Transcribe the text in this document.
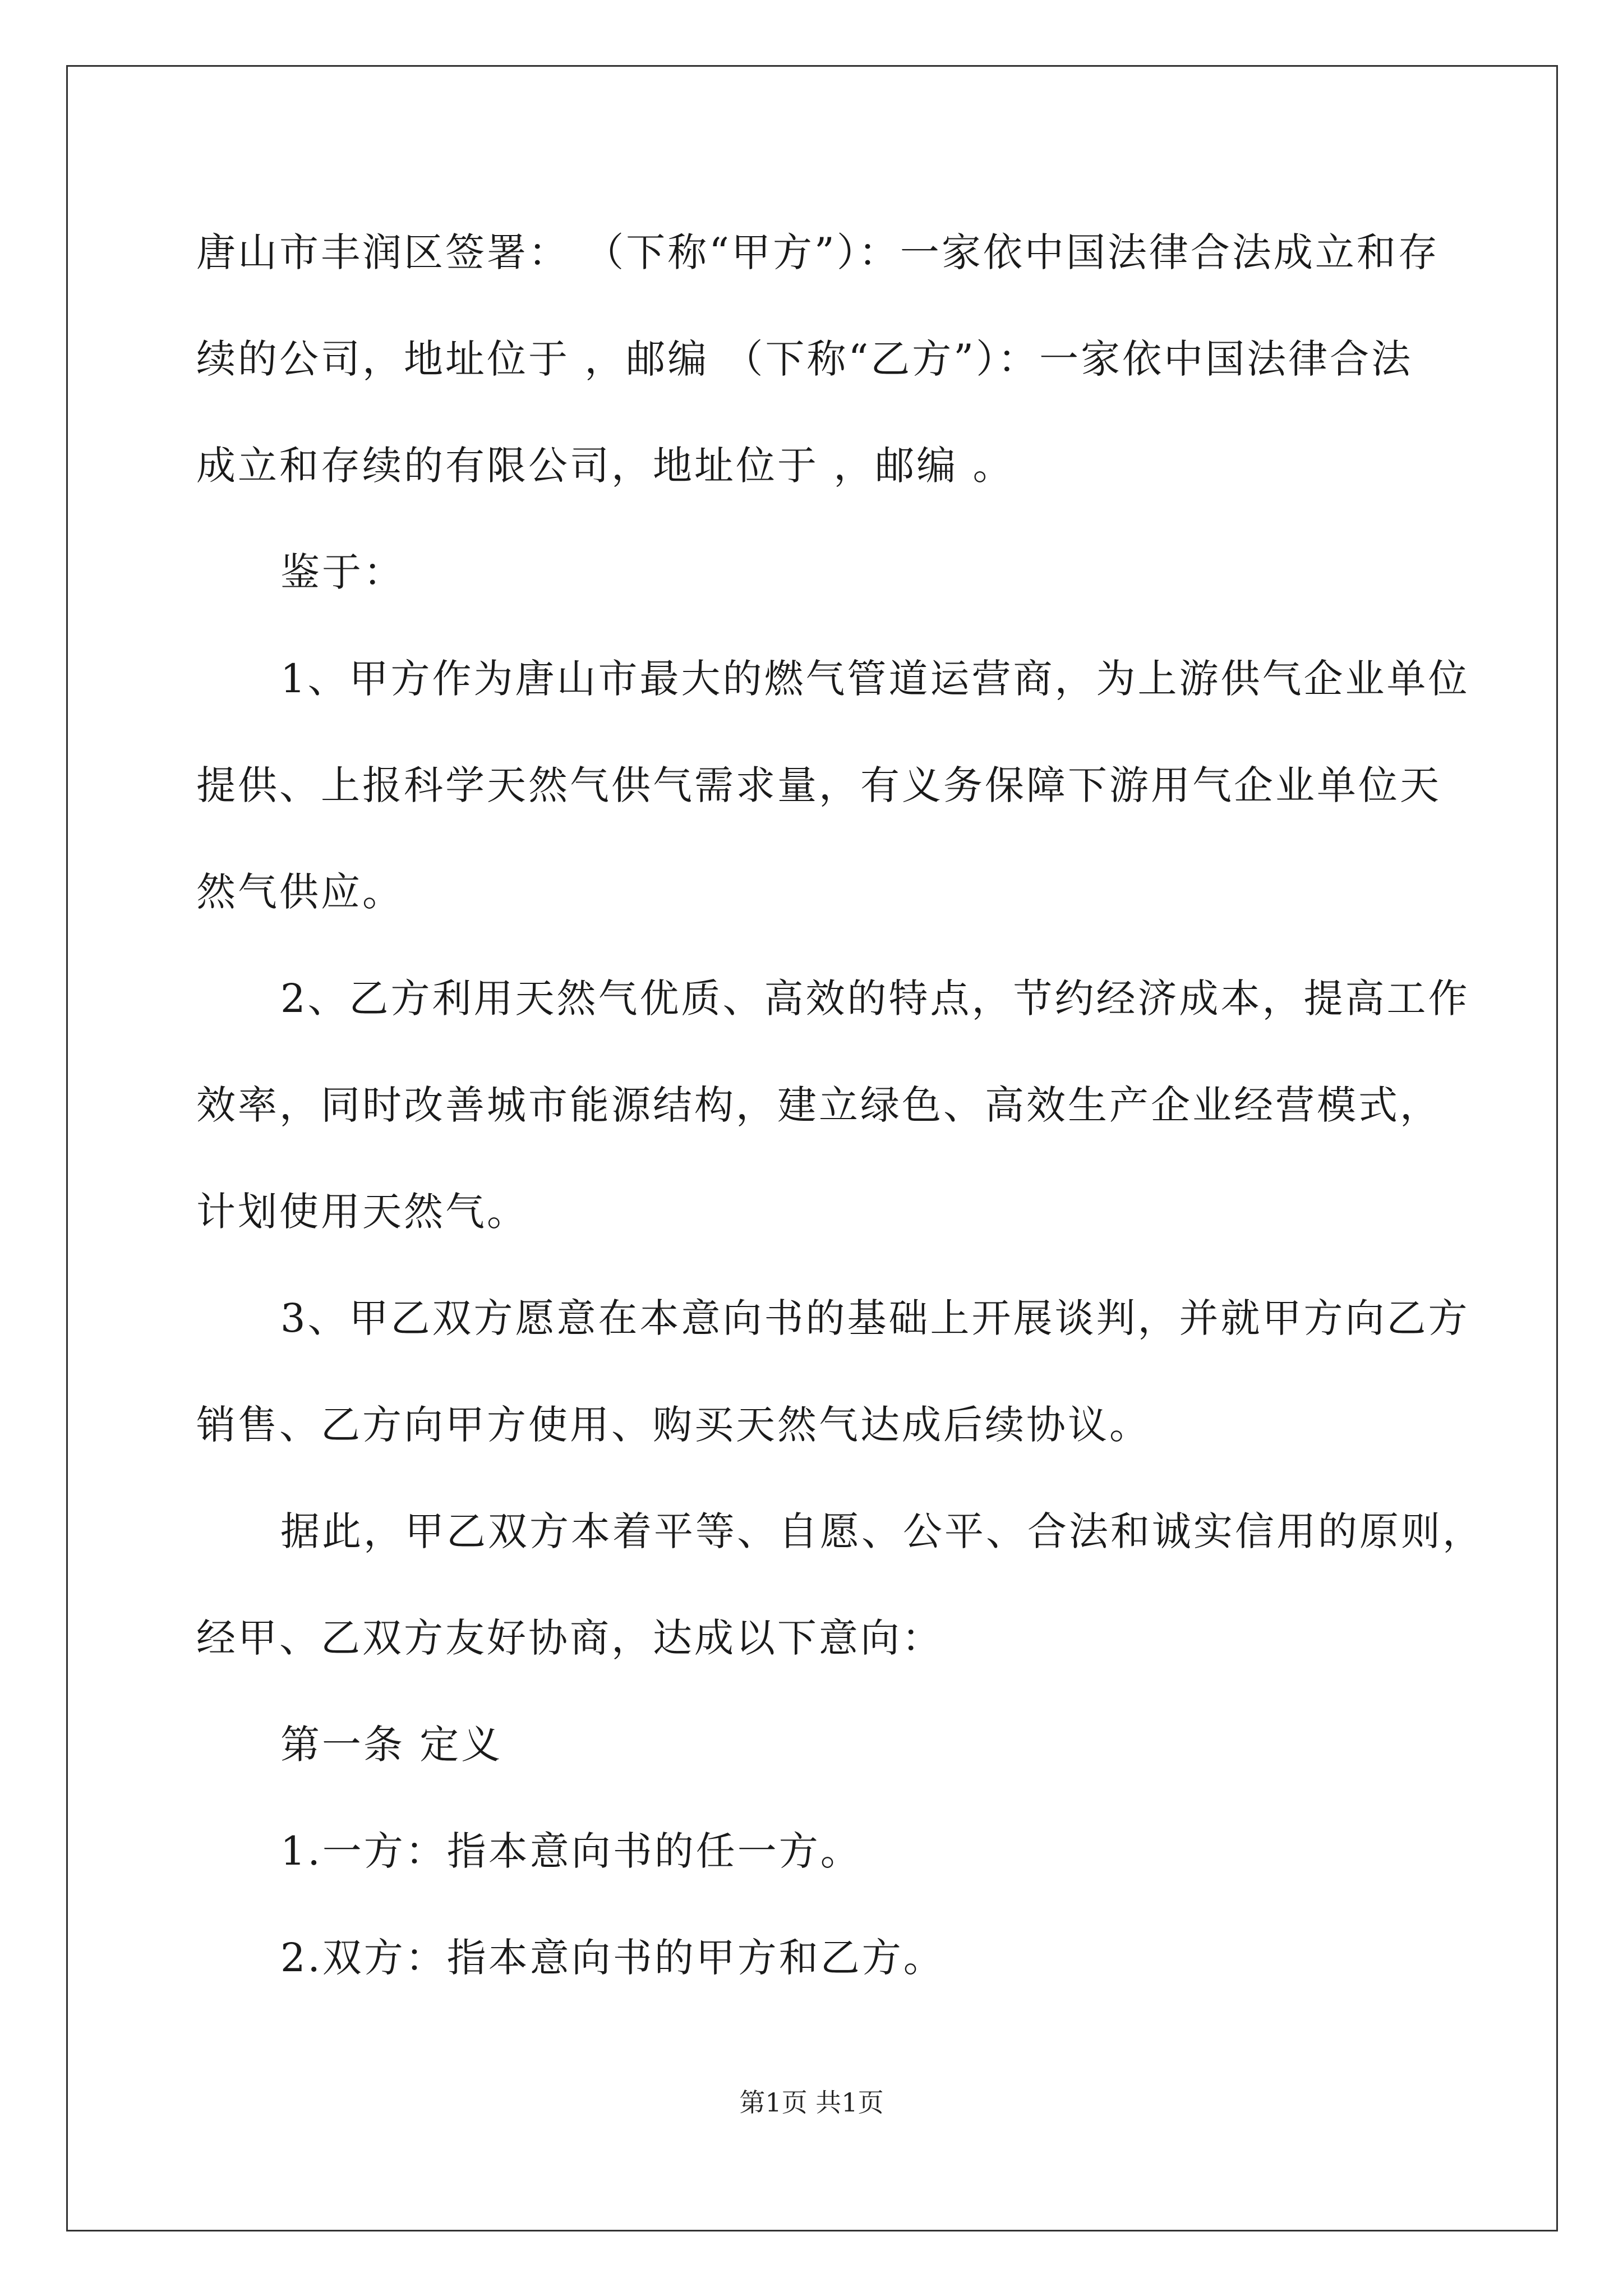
唐山市丰润区签署： （下称“甲方”）：一家依中国法律合法成立和存
续的公司，地址位于 ，邮编 （下称“乙方”）：一家依中国法律合法
成立和存续的有限公司，地址位于 ，邮编 。
鉴于：
1、甲方作为唐山市最大的燃气管道运营商，为上游供气企业单位
提供、上报科学天然气供气需求量，有义务保障下游用气企业单位天
然气供应。
2、乙方利用天然气优质、高效的特点，节约经济成本，提高工作
效率，同时改善城市能源结构，建立绿色、高效生产企业经营模式，
计划使用天然气。
3、甲乙双方愿意在本意向书的基础上开展谈判，并就甲方向乙方
销售、乙方向甲方使用、购买天然气达成后续协议。
据此，甲乙双方本着平等、自愿、公平、合法和诚实信用的原则，
经甲、乙双方友好协商，达成以下意向：
第一条 定义
1.一方：指本意向书的任一方。
2.双方：指本意向书的甲方和乙方。
第1页 共1页
